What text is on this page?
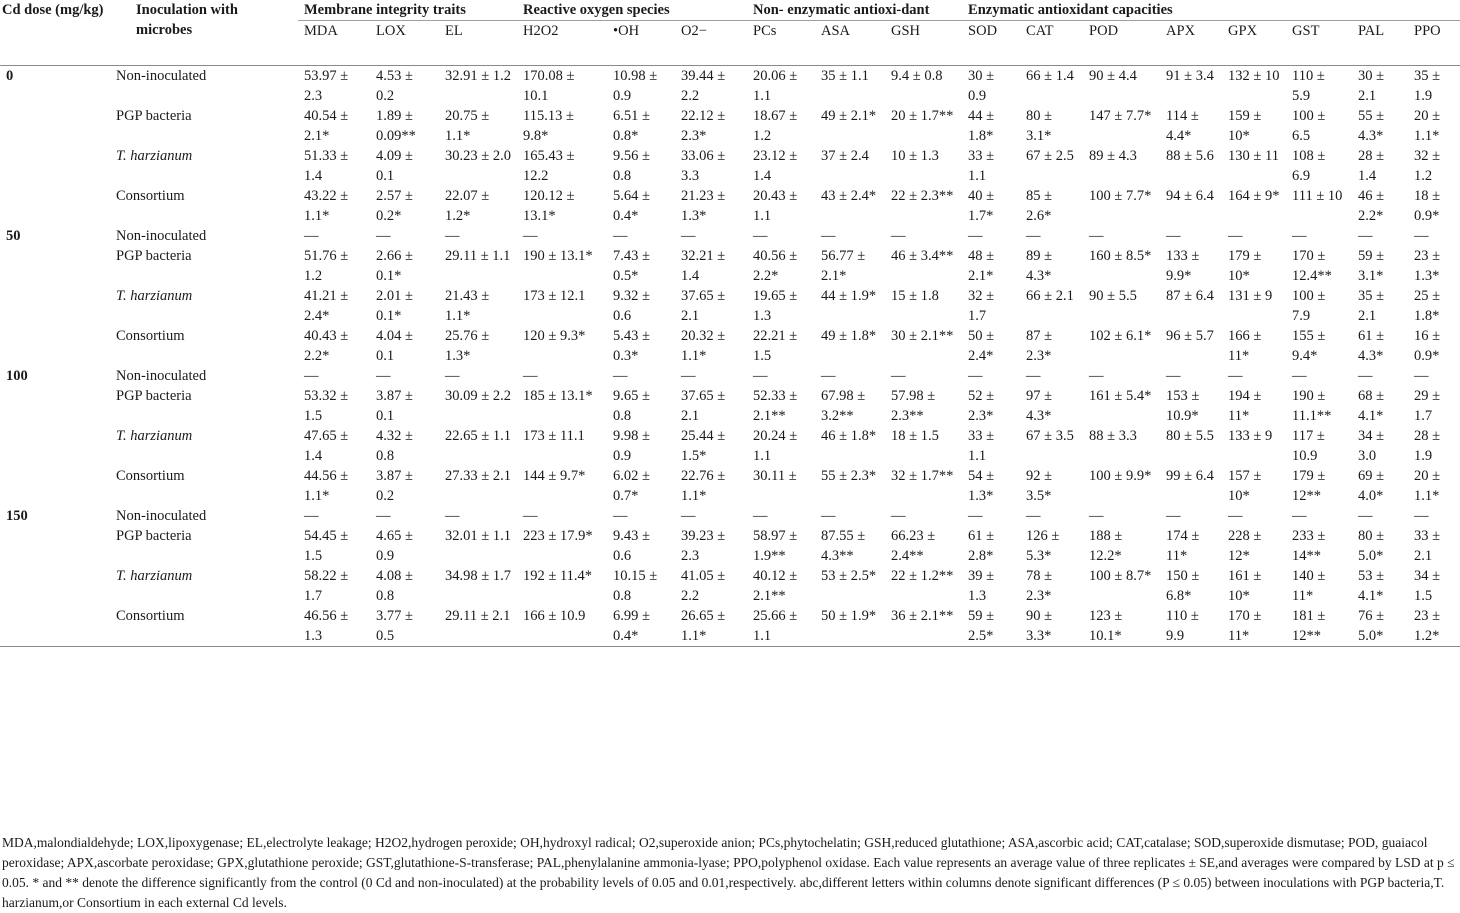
Cd dose (mg/kg)	Inoculation with microbes	Membrane integrity traits			Reactive oxygen species			Non- enzymatic antioxi-dant			Enzymatic antioxidant capacities							
		MDA	LOX	EL	H2O2	•OH	O2−	PCs	ASA	GSH	SOD	CAT	POD	APX	GPX	GST	PAL	PPO
0	Non-inoculated	53.97 ± 2.3	4.53 ± 0.2	32.91 ± 1.2	170.08 ± 10.1	10.98 ± 0.9	39.44 ± 2.2	20.06 ± 1.1	35 ± 1.1	9.4 ± 0.8	30 ± 0.9	66 ± 1.4	90 ± 4.4	91 ± 3.4	132 ± 10	110 ± 5.9	30 ± 2.1	35 ± 1.9
	PGP bacteria	40.54 ± 2.1*	1.89 ± 0.09**	20.75 ± 1.1*	115.13 ± 9.8*	6.51 ± 0.8*	22.12 ± 2.3*	18.67 ± 1.2	49 ± 2.1*	20 ± 1.7**	44 ± 1.8*	80 ± 3.1*	147 ± 7.7*	114 ± 4.4*	159 ± 10*	100 ± 6.5	55 ± 4.3*	20 ± 1.1*
	T. harzianum	51.33 ± 1.4	4.09 ± 0.1	30.23 ± 2.0	165.43 ± 12.2	9.56 ± 0.8	33.06 ± 3.3	23.12 ± 1.4	37 ± 2.4	10 ± 1.3	33 ± 1.1	67 ± 2.5	89 ± 4.3	88 ± 5.6	130 ± 11	108 ± 6.9	28 ± 1.4	32 ± 1.2
	Consortium	43.22 ± 1.1*	2.57 ± 0.2*	22.07 ± 1.2*	120.12 ± 13.1*	5.64 ± 0.4*	21.23 ± 1.3*	20.43 ± 1.1	43 ± 2.4*	22 ± 2.3**	40 ± 1.7*	85 ± 2.6*	100 ± 7.7*	94 ± 6.4	164 ± 9*	111 ± 10	46 ± 2.2*	18 ± 0.9*
50	Non-inoculated	—	—	—	—	—	—	—	—	—	—	—	—	—	—	—	—	—
	PGP bacteria	51.76 ± 1.2	2.66 ± 0.1*	29.11 ± 1.1	190 ± 13.1*	7.43 ± 0.5*	32.21 ± 1.4	40.56 ± 2.2*	56.77 ± 2.1*	46 ± 3.4**	48 ± 2.1*	89 ± 4.3*	160 ± 8.5*	133 ± 9.9*	179 ± 10*	170 ± 12.4**	59 ± 3.1*	23 ± 1.3*
	T. harzianum	41.21 ± 2.4*	2.01 ± 0.1*	21.43 ± 1.1*	173 ± 12.1	9.32 ± 0.6	37.65 ± 2.1	19.65 ± 1.3	44 ± 1.9*	15 ± 1.8	32 ± 1.7	66 ± 2.1	90 ± 5.5	87 ± 6.4	131 ± 9	100 ± 7.9	35 ± 2.1	25 ± 1.8*
	Consortium	40.43 ± 2.2*	4.04 ± 0.1	25.76 ± 1.3*	120 ± 9.3*	5.43 ± 0.3*	20.32 ± 1.1*	22.21 ± 1.5	49 ± 1.8*	30 ± 2.1**	50 ± 2.4*	87 ± 2.3*	102 ± 6.1*	96 ± 5.7	166 ± 11*	155 ± 9.4*	61 ± 4.3*	16 ± 0.9*
100	Non-inoculated	—	—	—	—	—	—	—	—	—	—	—	—	—	—	—	—	—
	PGP bacteria	53.32 ± 1.5	3.87 ± 0.1	30.09 ± 2.2	185 ± 13.1*	9.65 ± 0.8	37.65 ± 2.1	52.33 ± 2.1**	67.98 ± 3.2**	57.98 ± 2.3**	52 ± 2.3*	97 ± 4.3*	161 ± 5.4*	153 ± 10.9*	194 ± 11*	190 ± 11.1**	68 ± 4.1*	29 ± 1.7
	T. harzianum	47.65 ± 1.4	4.32 ± 0.8	22.65 ± 1.1	173 ± 11.1	9.98 ± 0.9	25.44 ± 1.5*	20.24 ± 1.1	46 ± 1.8*	18 ± 1.5	33 ± 1.1	67 ± 3.5	88 ± 3.3	80 ± 5.5	133 ± 9	117 ± 10.9	34 ± 3.0	28 ± 1.9
	Consortium	44.56 ± 1.1*	3.87 ± 0.2	27.33 ± 2.1	144 ± 9.7*	6.02 ± 0.7*	22.76 ± 1.1*	30.11 ±	55 ± 2.3*	32 ± 1.7**	54 ± 1.3*	92 ± 3.5*	100 ± 9.9*	99 ± 6.4	157 ± 10*	179 ± 12**	69 ± 4.0*	20 ± 1.1*
150	Non-inoculated	—	—	—	—	—	—	—	—	—	—	—	—	—	—	—	—	—
	PGP bacteria	54.45 ± 1.5	4.65 ± 0.9	32.01 ± 1.1	223 ± 17.9*	9.43 ± 0.6	39.23 ± 2.3	58.97 ± 1.9**	87.55 ± 4.3**	66.23 ± 2.4**	61 ± 2.8*	126 ± 5.3*	188 ± 12.2*	174 ± 11*	228 ± 12*	233 ± 14**	80 ± 5.0*	33 ± 2.1
	T. harzianum	58.22 ± 1.7	4.08 ± 0.8	34.98 ± 1.7	192 ± 11.4*	10.15 ± 0.8	41.05 ± 2.2	40.12 ± 2.1**	53 ± 2.5*	22 ± 1.2**	39 ± 1.3	78 ± 2.3*	100 ± 8.7*	150 ± 6.8*	161 ± 10*	140 ± 11*	53 ± 4.1*	34 ± 1.5
	Consortium	46.56 ± 1.3	3.77 ± 0.5	29.11 ± 2.1	166 ± 10.9	6.99 ± 0.4*	26.65 ± 1.1*	25.66 ± 1.1	50 ± 1.9*	36 ± 2.1**	59 ± 2.5*	90 ± 3.3*	123 ± 10.1*	110 ± 9.9	170 ± 11*	181 ± 12**	76 ± 5.0*	23 ± 1.2*
MDA,malondialdehyde; LOX,lipoxygenase; EL,electrolyte leakage; H2O2,hydrogen peroxide; OH,hydroxyl radical; O2,superoxide anion; PCs,phytochelatin; GSH,reduced glutathione; ASA,ascorbic acid; CAT,catalase; SOD,superoxide dismutase; POD, guaiacol peroxidase; APX,ascorbate peroxidase; GPX,glutathione peroxide; GST,glutathione-S-transferase; PAL,phenylalanine ammonia-lyase; PPO,polyphenol oxidase. Each value represents an average value of three replicates ± SE,and averages were compared by LSD at p ≤ 0.05. * and ** denote the difference significantly from the control (0 Cd and non-inoculated) at the probability levels of 0.05 and 0.01,respectively. abc,different letters within columns denote significant differences (P ≤ 0.05) between inoculations with PGP bacteria,T. harzianum,or Consortium in each external Cd levels.
